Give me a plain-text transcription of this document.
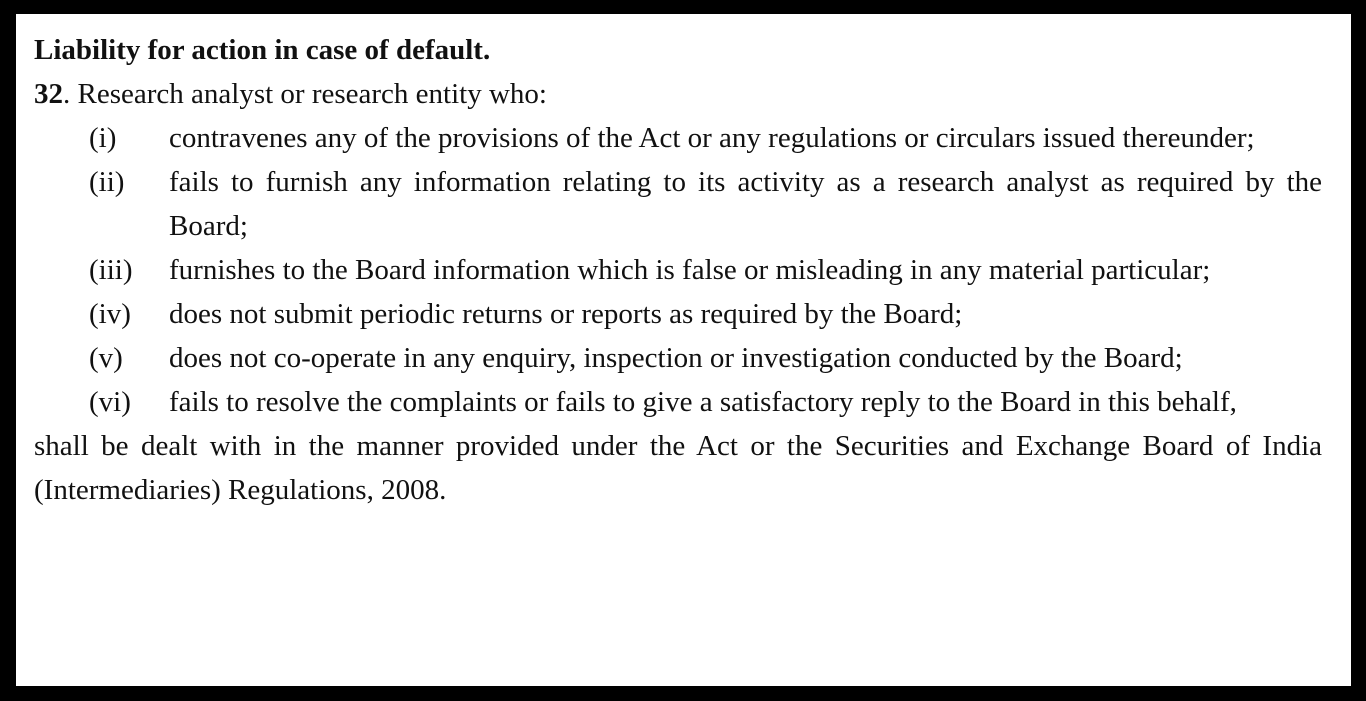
Liability for action in case of default.

32. Research analyst or research entity who:

(i) contravenes any of the provisions of the Act or any regulations or circulars issued thereunder;
(ii) fails to furnish any information relating to its activity as a research analyst as required by the Board;
(iii) furnishes to the Board information which is false or misleading in any material particular;
(iv) does not submit periodic returns or reports as required by the Board;
(v) does not co-operate in any enquiry, inspection or investigation conducted by the Board;
(vi) fails to resolve the complaints or fails to give a satisfactory reply to the Board in this behalf,

shall be dealt with in the manner provided under the Act or the Securities and Exchange Board of India (Intermediaries) Regulations, 2008.
